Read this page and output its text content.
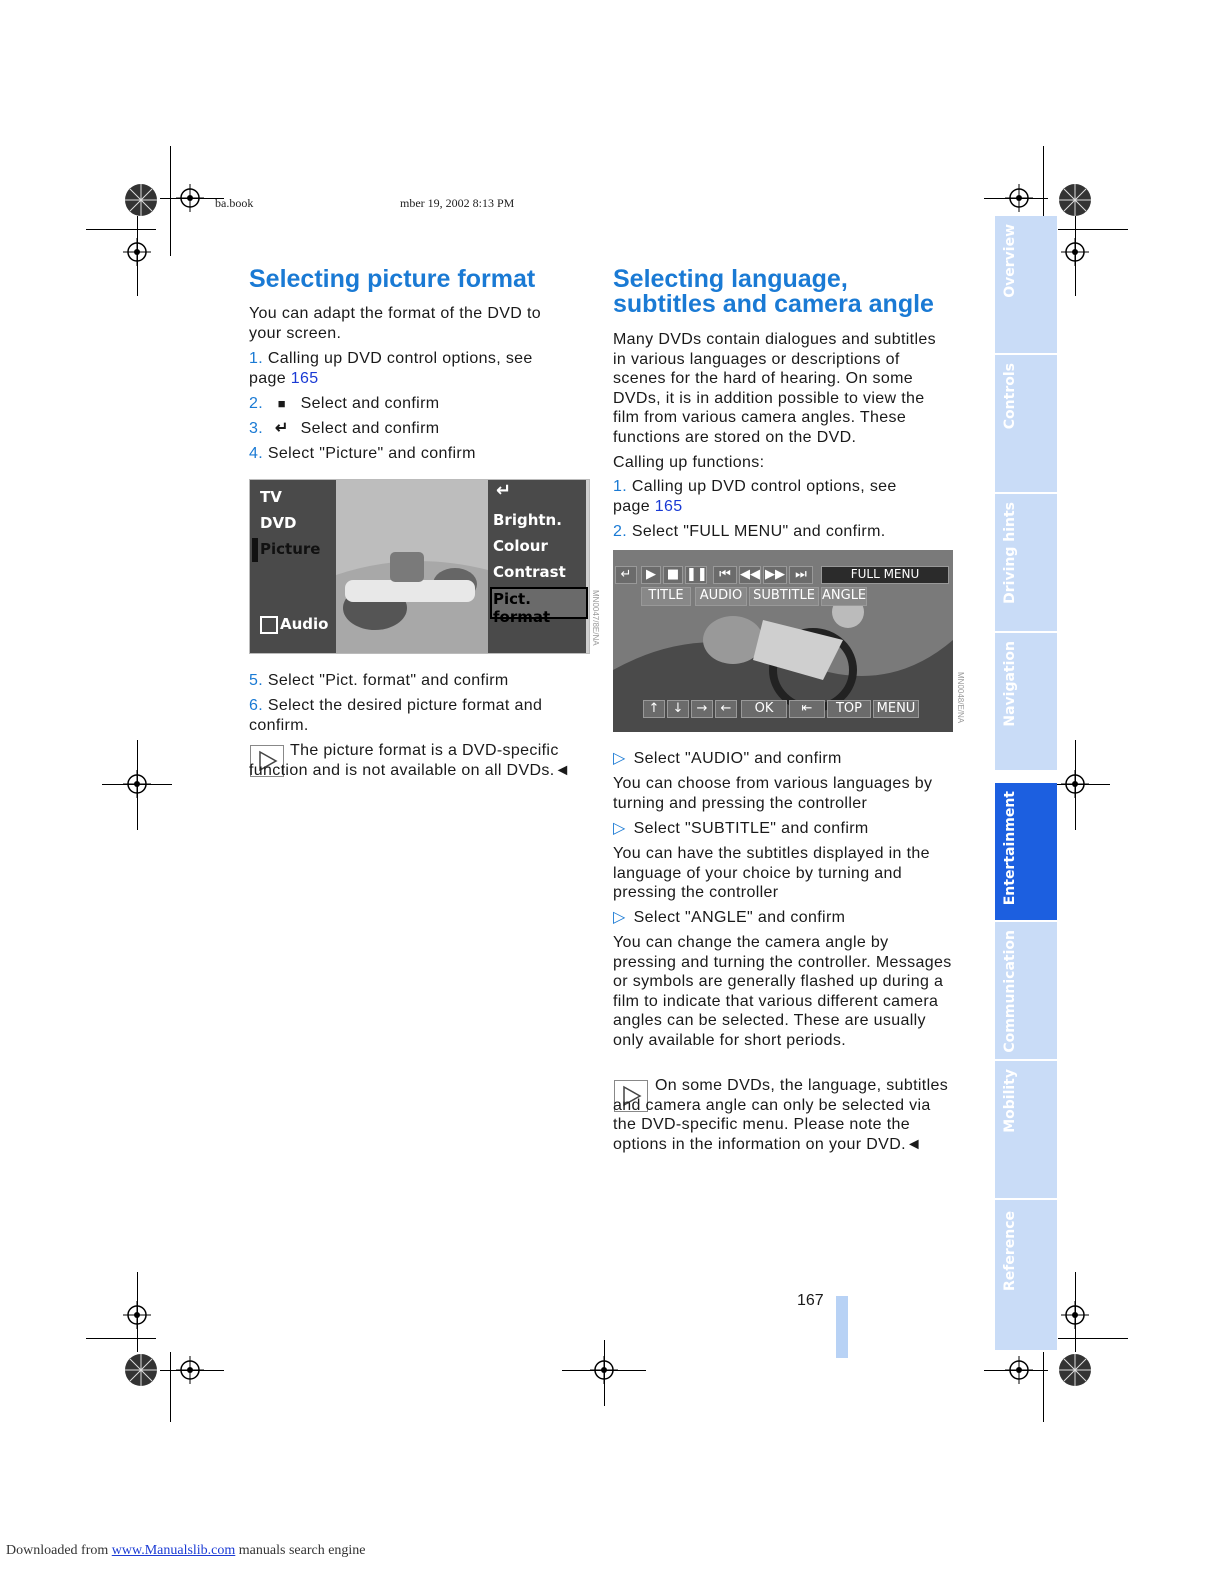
ba.book	mber 19, 2002 8:13 PM
Selecting picture format

You can adapt the format of the DVD to your screen.

1. Calling up DVD control options, see page 165

2. ■ Select and confirm

3. ↵ Select and confirm

4. Select "Picture" and confirm

TV
DVD
Picture
Audio
↵
Brightn.
Colour
Contrast
Pict. format	MN0047/8E/NA

5. Select "Pict. format" and confirm

6. Select the desired picture format and confirm.

The picture format is a DVD-specific function and is not available on all DVDs.◄

Selecting language,
subtitles and camera angle

Many DVDs contain dialogues and subtitles in various languages or descriptions of scenes for the hard of hearing. On some DVDs, it is in addition possible to view the film from various camera angles. These functions are stored on the DVD.

Calling up functions:

1. Calling up DVD control options, see page 165

2. Select "FULL MENU" and confirm.

↵	▶ ■ ❚❚ ⏮ ◀◀ ▶▶ ⏭	FULL MENU
TITLE	AUDIO SUBTITLE ANGLE
↑	↓	→	←	OK	⇤	TOP	MENU	MN0048/E/NA

▷ Select "AUDIO" and confirm

You can choose from various languages by turning and pressing the controller

▷ Select "SUBTITLE" and confirm

You can have the subtitles displayed in the language of your choice by turning and pressing the controller

▷ Select "ANGLE" and confirm

You can change the camera angle by pressing and turning the controller. Messages or symbols are generally flashed up during a film to indicate that various different camera angles can be selected. These are usually only available for short periods.

On some DVDs, the language, subtitles and camera angle can only be selected via the DVD-specific menu. Please note the options in the information on your DVD.◄

Overview
Controls
Driving hints
Navigation
Entertainment
Communication
Mobility
Reference
167
Downloaded from www.Manualslib.com manuals search engine
